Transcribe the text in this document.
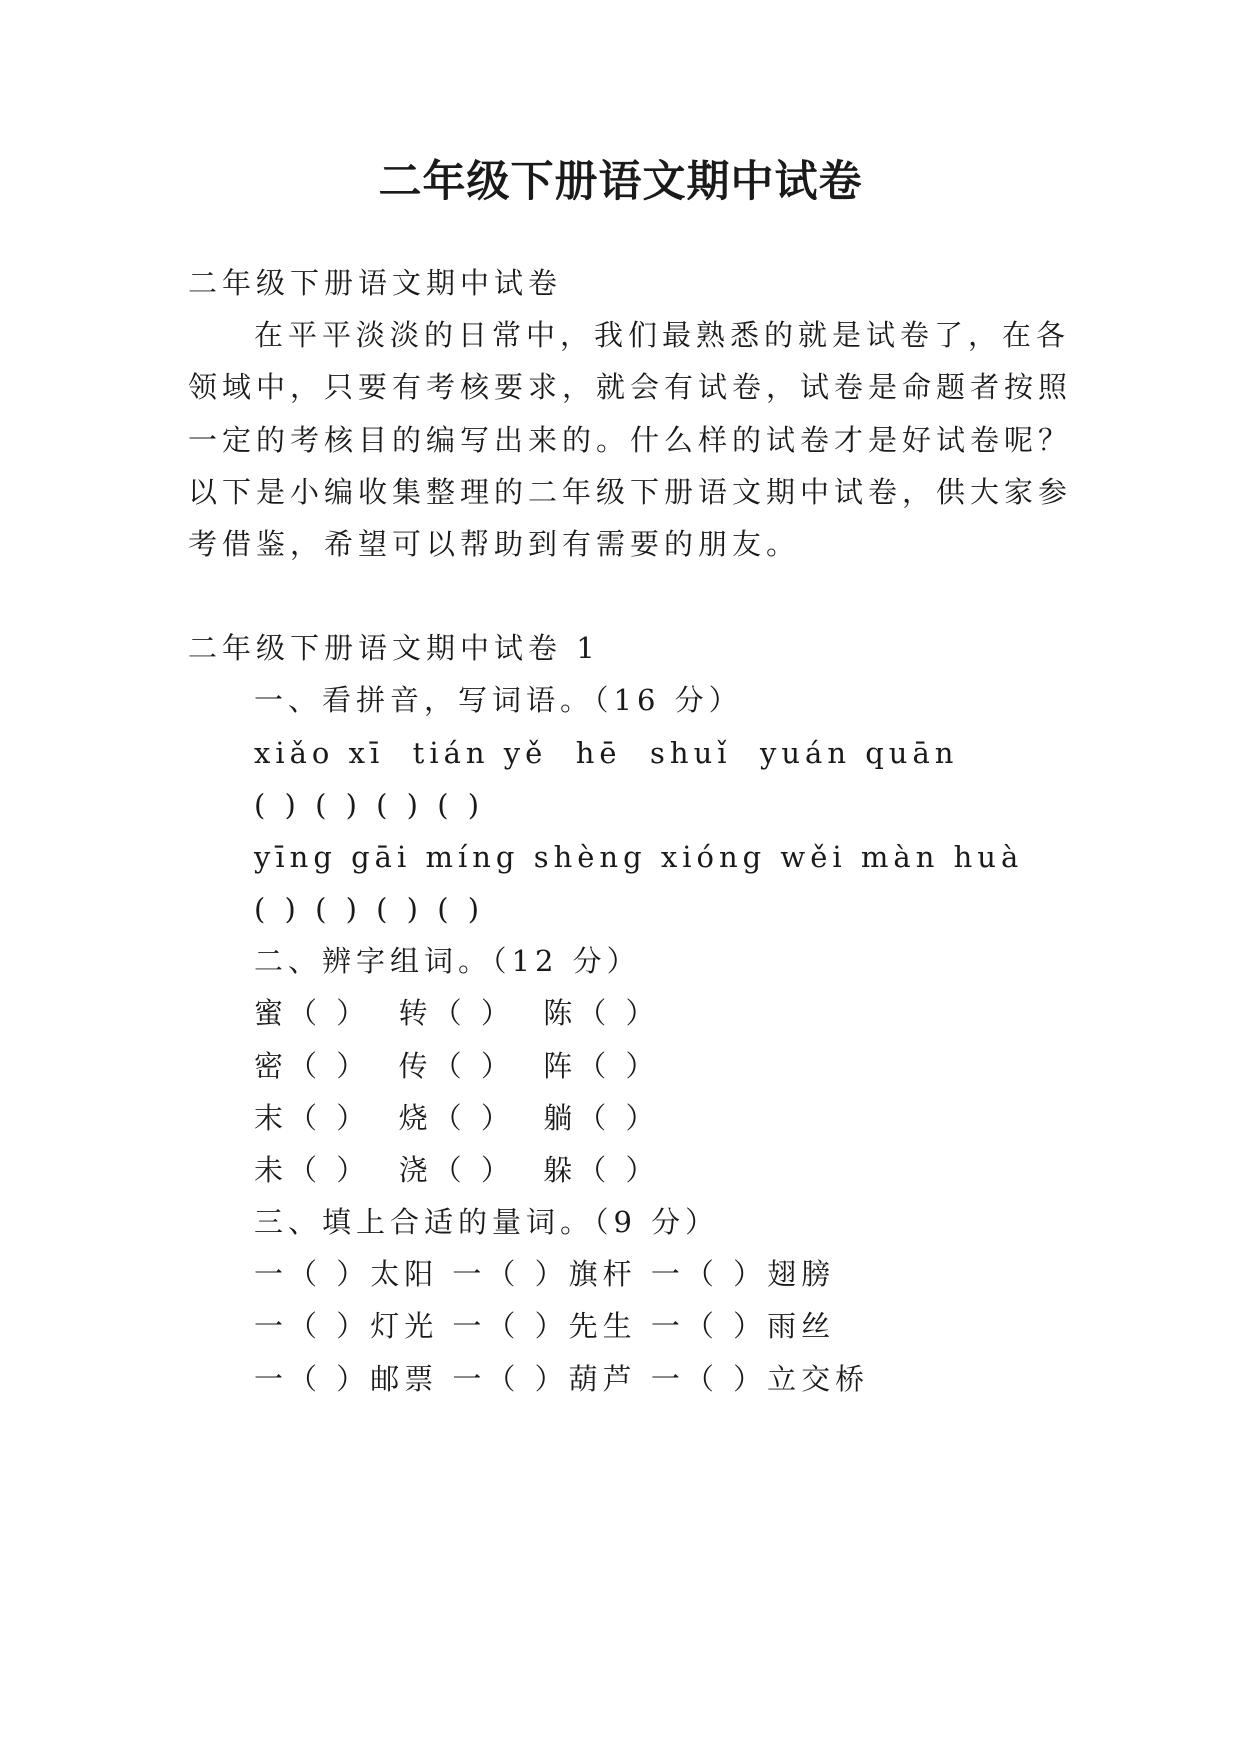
二年级下册语文期中试卷

二年级下册语文期中试卷

在平平淡淡的日常中，我们最熟悉的就是试卷了，在各

领域中，只要有考核要求，就会有试卷，试卷是命题者按照

一定的考核目的编写出来的。什么样的试卷才是好试卷呢？

以下是小编收集整理的二年级下册语文期中试卷，供大家参

考借鉴，希望可以帮助到有需要的朋友。

二年级下册语文期中试卷 1

一、看拼音，写词语。（16 分）

xiǎo xī  tián yě  hē  shuǐ  yuán quān

( ) ( ) ( ) ( )

yīng gāi míng shèng xióng wěi màn huà

( ) ( ) ( ) ( )

二、辨字组词。（12 分）

蜜（ ）  转（ ）  陈（ ）

密（ ）  传（ ）  阵（ ）

末（ ）  烧（ ）  躺（ ）

未（ ）  浇（ ）  躲（ ）

三、填上合适的量词。（9 分）

一（ ）太阳 一（ ）旗杆 一（ ）翅膀

一（ ）灯光 一（ ）先生 一（ ）雨丝

一（ ）邮票 一（ ）葫芦 一（ ）立交桥
